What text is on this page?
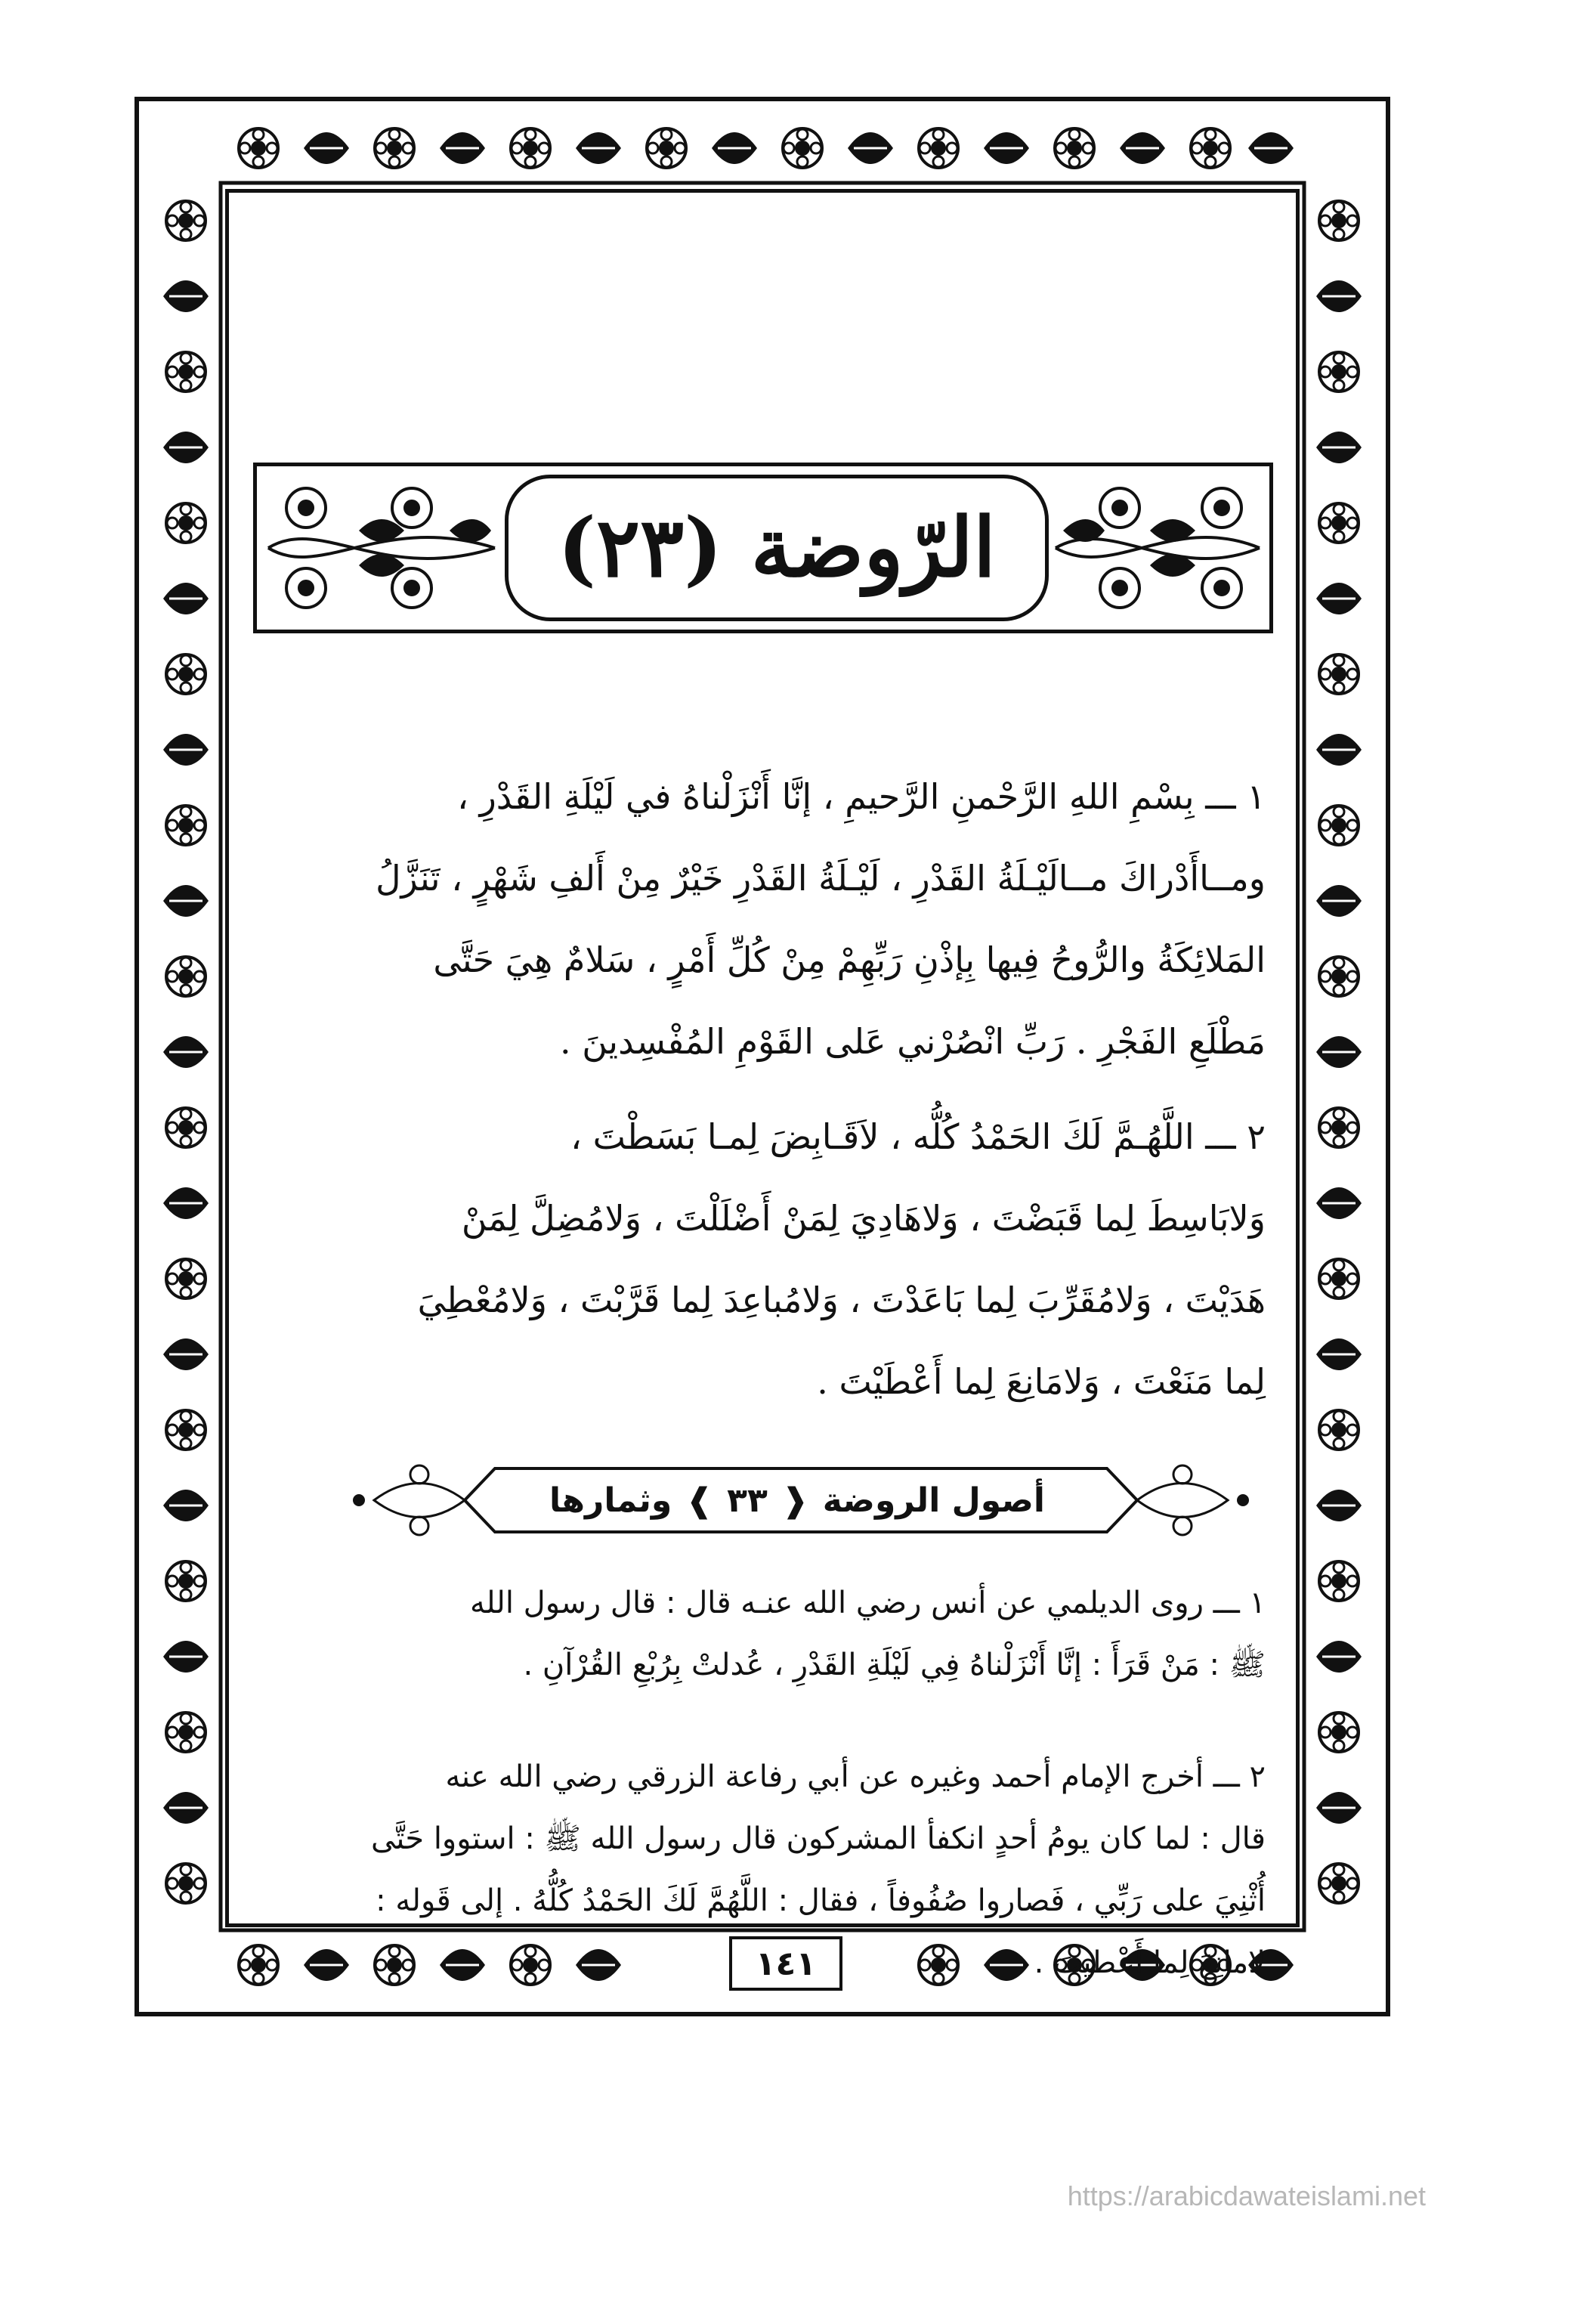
الرّوضة (٢٣)
١ ـــ بِسْمِ اللهِ الرَّحْمنِ الرَّحيمِ ، إنَّا أَنْزَلْناهُ في لَيْلَةِ القَدْرِ ،
ومــاأَدْراكَ مــالَيْـلَةُ القَدْرِ ، لَيْـلَةُ القَدْرِ خَيْرٌ مِنْ أَلفِ شَهْرٍ ، تَنَزَّلُ
المَلائِكَةُ والرُّوحُ فِيها بِإذْنِ رَبِّهِمْ مِنْ كُلِّ أَمْرٍ ، سَلامٌ هِيَ حَتَّى
مَطْلَعِ الفَجْرِ . رَبِّ انْصُرْني عَلى القَوْمِ المُفْسِدينَ .
٢ ـــ اللَّهُـمَّ لَكَ الحَمْدُ كُلُّه ، لاَقَـابِضَ لِمـا بَسَطْتَ ،
وَلابَاسِطَ لِما قَبَضْتَ ، وَلاهَادِيَ لِمَنْ أَضْلَلْتَ ، وَلامُضِلَّ لِمَنْ
هَدَيْتَ ، وَلامُقَرِّبَ لِما بَاعَدْتَ ، وَلامُباعِدَ لِما قَرَّبْتَ ، وَلامُعْطِيَ
لِما مَنَعْتَ ، وَلامَانِعَ لِما أَعْطَيْتَ .
أصول الروضة
❰
٣٣
❱
وثمارها
١ ـــ روى الديلمي عن أنس رضي الله عنـه قال : قال رسول الله
ﷺ : مَنْ قَرَأَ : إنَّا أَنْزَلْناهُ فِي لَيْلَةِ القَدْرِ ، عُدلتْ بِرُبْعِ القُرْآنِ .
٢ ـــ أخرج الإمام أحمد وغيره عن أبي رفاعة الزرقي رضي الله عنه
قال : لما كان يومُ أحدٍ انكفأ المشركون قال رسول الله ﷺ : استووا حَتَّى
أُثْنِيَ على رَبِّي ، فَصاروا صُفُوفاً ، فقال : اللَّهُمَّ لَكَ الحَمْدُ كُلُّهُ . إلى قَوله :
لامانِعَ لِما أَعْطيتَ .
١٤١
https://arabicdawateislami.net
